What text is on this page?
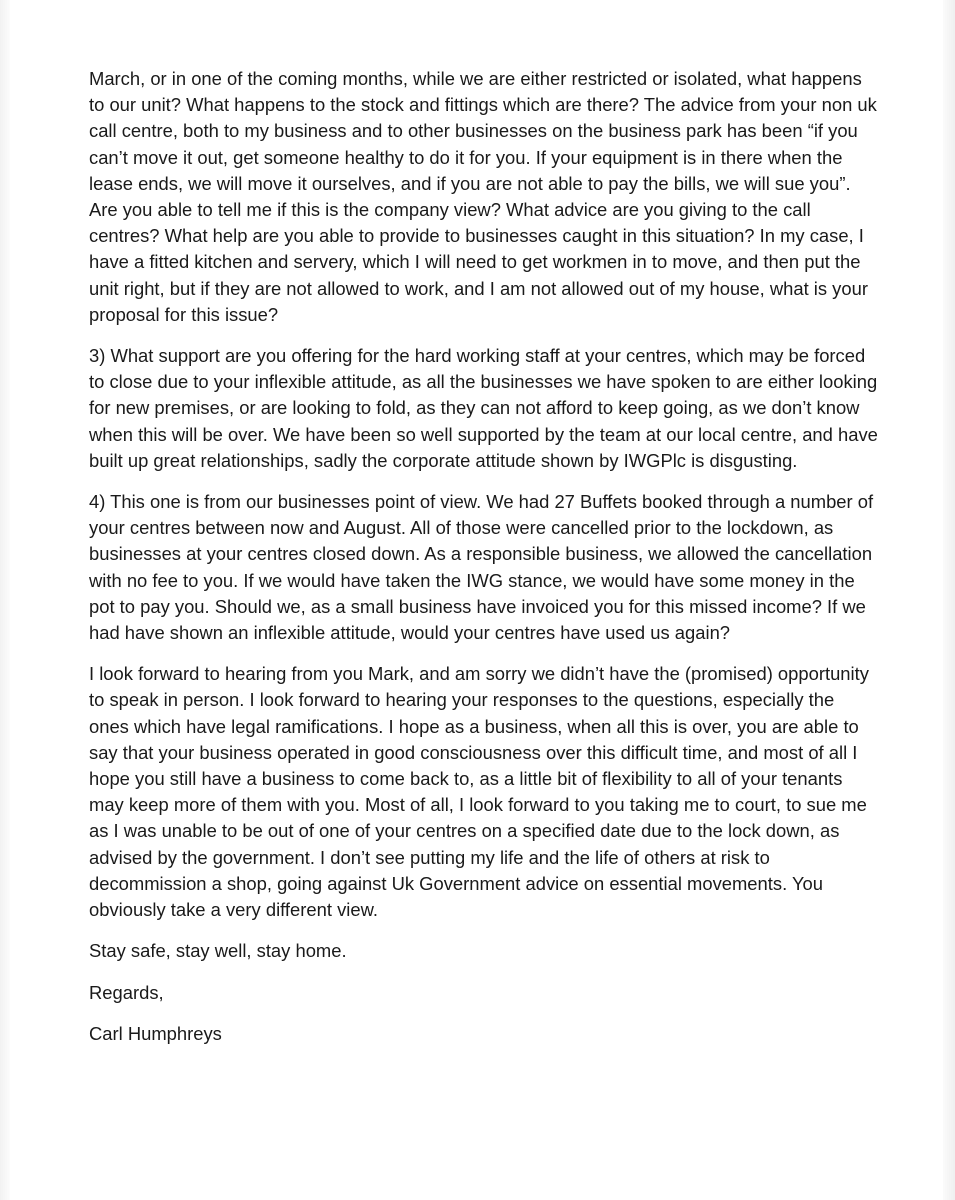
March, or in one of the coming months, while we are either restricted or isolated, what happens to our unit? What happens to the stock and fittings which are there? The advice from your non uk call centre, both to my business and to other businesses on the business park has been “if you can’t move it out, get someone healthy to do it for you. If your equipment is in there when the lease ends, we will move it ourselves, and if you are not able to pay the bills, we will sue you”. Are you able to tell me if this is the company view? What advice are you giving to the call centres? What help are you able to provide to businesses caught in this situation? In my case, I have a fitted kitchen and servery, which I will need to get workmen in to move, and then put the unit right, but if they are not allowed to work, and I am not allowed out of my house, what is your proposal for this issue?

3) What support are you offering for the hard working staff at your centres, which may be forced to close due to your inflexible attitude, as all the businesses we have spoken to are either looking for new premises, or are looking to fold, as they can not afford to keep going, as we don’t know when this will be over. We have been so well supported by the team at our local centre, and have built up great relationships, sadly the corporate attitude shown by IWGPlc is disgusting.

4) This one is from our businesses point of view. We had 27 Buffets booked through a number of your centres between now and August. All of those were cancelled prior to the lockdown, as businesses at your centres closed down. As a responsible business, we allowed the cancellation with no fee to you. If we would have taken the IWG stance, we would have some money in the pot to pay you. Should we, as a small business have invoiced you for this missed income? If we had have shown an inflexible attitude, would your centres have used us again?

I look forward to hearing from you Mark, and am sorry we didn’t have the (promised) opportunity to speak in person. I look forward to hearing your responses to the questions, especially the ones which have legal ramifications. I hope as a business, when all this is over, you are able to say that your business operated in good consciousness over this difficult time, and most of all I hope you still have a business to come back to, as a little bit of flexibility to all of your tenants may keep more of them with you. Most of all, I look forward to you taking me to court, to sue me as I was unable to be out of one of your centres on a specified date due to the lock down, as advised by the government. I don’t see putting my life and the life of others at risk to decommission a shop, going against Uk Government advice on essential movements. You obviously take a very different view.

Stay safe, stay well, stay home.

Regards,

Carl Humphreys
